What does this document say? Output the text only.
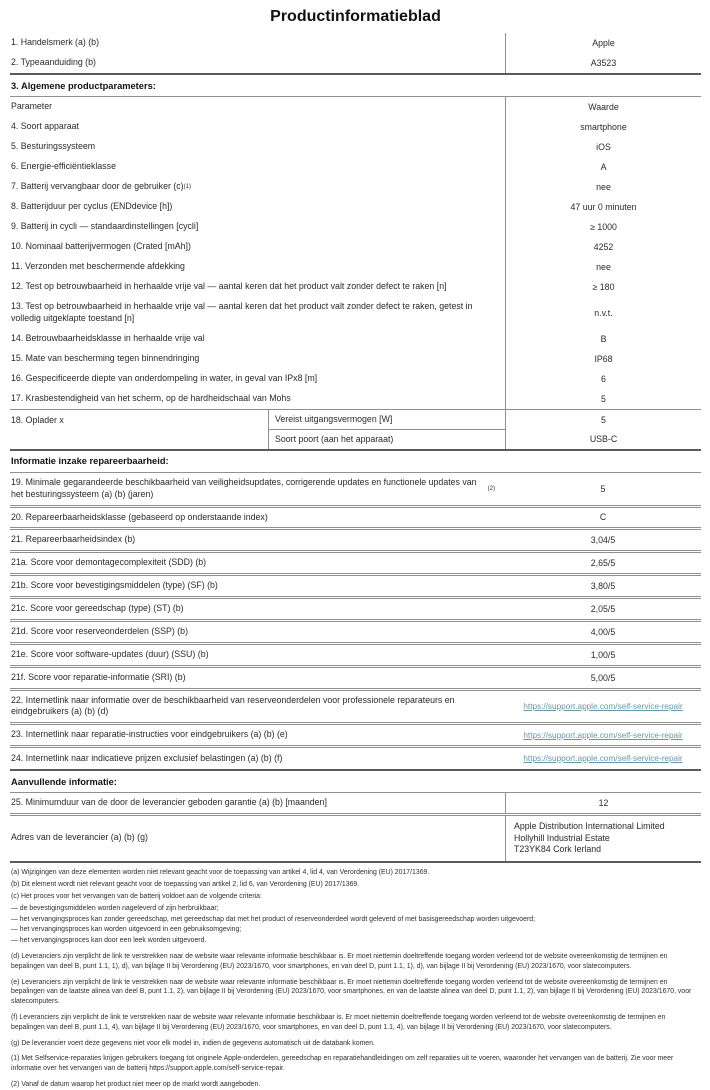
Productinformatieblad
1. Handelsmerk (a) (b)	Apple
2. Typeaanduiding (b)	A3523
3. Algemene productparameters:
Parameter	Waarde
4. Soort apparaat	smartphone
5. Besturingssysteem	iOS
6. Energie-efficiëntieklasse	A
7. Batterij vervangbaar door de gebruiker (c) (1)	nee
8. Batterijduur per cyclus (ENDdevice [h])	47 uur 0 minuten
9. Batterij in cycli — standaardinstellingen [cycli]	≥ 1000
10. Nominaal batterijvermogen (Crated [mAh])	4252
11. Verzonden met beschermende afdekking	nee
12. Test op betrouwbaarheid in herhaalde vrije val — aantal keren dat het product valt zonder defect te raken [n]	≥ 180
13. Test op betrouwbaarheid in herhaalde vrije val — aantal keren dat het product valt zonder defect te raken, getest in volledig uitgeklapte toestand [n]	n.v.t.
14. Betrouwbaarheidsklasse in herhaalde vrije val	B
15. Mate van bescherming tegen binnendringing	IP68
16. Gespecificeerde diepte van onderdompeling in water, in geval van IPx8 [m]	6
17. Krasbestendigheid van het scherm, op de hardheidschaal van Mohs	5
18. Oplader x	Vereist uitgangsvermogen [W]	5
Soort poort (aan het apparaat)	USB-C
Informatie inzake repareerbaarheid:
19. Minimale gegarandeerde beschikbaarheid van veiligheidsupdates, corrigerende updates en functionele updates van het besturingssysteem (a) (b) (jaren)	(2)	5
20. Repareerbaarheidsklasse (gebaseerd op onderstaande index)	C
21. Repareerbaarheidsindex (b)	3,04/5
21a. Score voor demontagecomplexiteit (SDD) (b)	2,65/5
21b. Score voor bevestigingsmiddelen (type) (SF) (b)	3,80/5
21c. Score voor gereedschap (type) (ST) (b)	2,05/5
21d. Score voor reserveonderdelen (SSP) (b)	4,00/5
21e. Score voor software-updates (duur) (SSU) (b)	1,00/5
21f. Score voor reparatie-informatie (SRI) (b)	5,00/5
22. Internetlink naar informatie over de beschikbaarheid van reserveonderdelen voor professionele reparateurs en eindgebruikers (a) (b) (d)	https://support.apple.com/self-service-repair
23. Internetlink naar reparatie-instructies voor eindgebruikers (a) (b) (e)	https://support.apple.com/self-service-repair
24. Internetlink naar indicatieve prijzen exclusief belastingen (a) (b) (f)	https://support.apple.com/self-service-repair
Aanvullende informatie:
25. Minimumduur van de door de leverancier geboden garantie (a) (b) [maanden]	12
Adres van de leverancier (a) (b) (g)
Apple Distribution International Limited
Hollyhill Industrial Estate
T23YK84 Cork Ierland
(a) Wijzigingen van deze elementen worden niet relevant geacht voor de toepassing van artikel 4, lid 4, van Verordening (EU) 2017/1369.
(b) Dit element wordt niet relevant geacht voor de toepassing van artikel 2, lid 6, van Verordening (EU) 2017/1369.
(c) Het proces voor het vervangen van de batterij voldoet aan de volgende criteria:
— de bevestigingsmiddelen worden nageleverd of zijn herbruikbaar;
— het vervangingsproces kan zonder gereedschap, met gereedschap dat met het product of reserveonderdeel wordt geleverd of met basisgereedschap worden uitgevoerd;
— het vervangingsproces kan worden uitgevoerd in een gebruiksomgeving;
— het vervangingsproces kan door een leek worden uitgevoerd.
(d) Leveranciers zijn verplicht de link te verstrekken naar de website waar relevante informatie beschikbaar is. Er moet niettemin doeltreffende toegang worden verleend tot de website overeenkomstig de termijnen en bepalingen van deel B, punt 1.1, 1), d), van bijlage II bij Verordening (EU) 2023/1670, voor smartphones, en van deel D, punt 1.1, 1), d), van bijlage II bij Verordening (EU) 2023/1670, voor slatecomputers.
(e) Leveranciers zijn verplicht de link te verstrekken naar de website waar relevante informatie beschikbaar is. Er moet niettemin doeltreffende toegang worden verleend tot de website overeenkomstig de termijnen en bepalingen van de laatste alinea van deel B, punt 1.1, 2), van bijlage II bij Verordening (EU) 2023/1670, voor smartphones, en van de laatste alinea van deel D, punt 1.1, 2), van bijlage II bij Verordening (EU) 2023/1670, voor slatecomputers.
(f) Leveranciers zijn verplicht de link te verstrekken naar de website waar relevante informatie beschikbaar is. Er moet niettemin doeltreffende toegang worden verleend tot de website overeenkomstig de termijnen en bepalingen van deel B, punt 1.1, 4), van bijlage II bij Verordening (EU) 2023/1670, voor smartphones, en van deel D, punt 1.1, 4), van bijlage II bij Verordening (EU) 2023/1670, voor slatecomputers.
(g) De leverancier voert deze gegevens niet voor elk model in, indien de gegevens automatisch uit de databank komen.
(1) Met Selfservice-reparaties krijgen gebruikers toegang tot originele Apple-onderdelen, gereedschap en reparatiehandleidingen om zelf reparaties uit te voeren, waaronder het vervangen van de batterij. Zie voor meer informatie over het vervangen van de batterij https://support.apple.com/self-service-repair.
(2) Vanaf de datum waarop het product niet meer op de markt wordt aangeboden.
